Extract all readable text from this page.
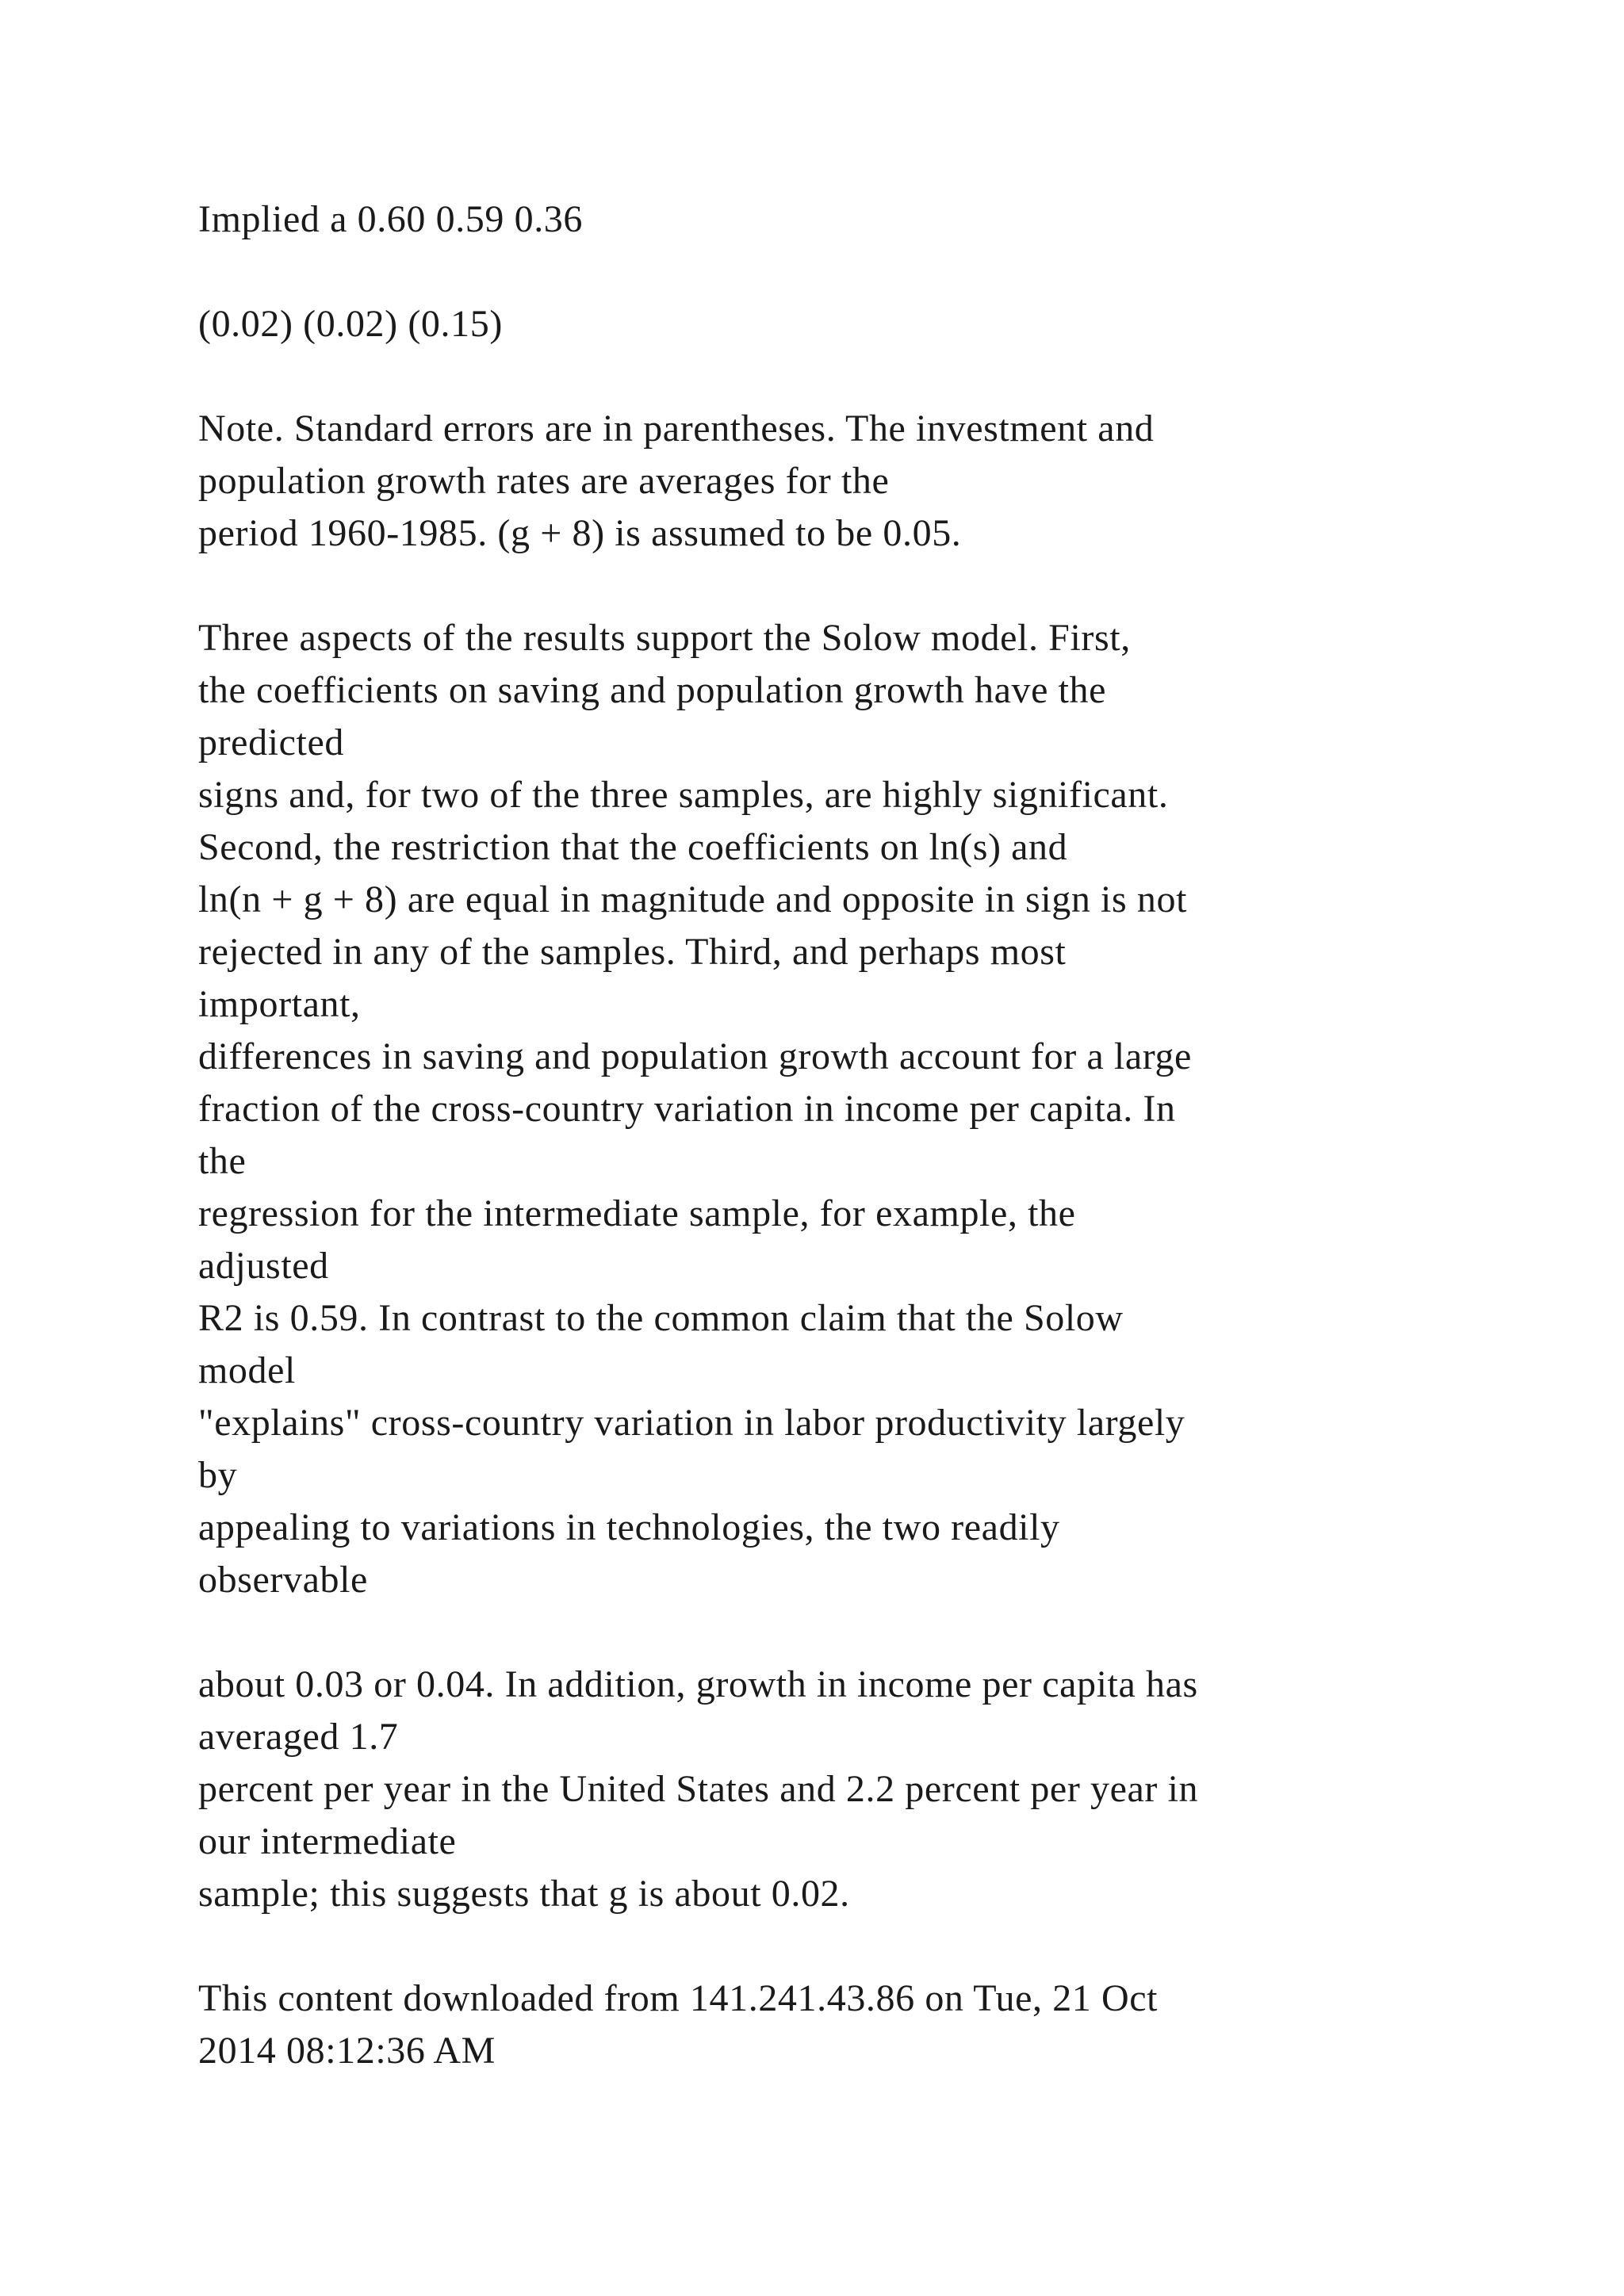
Implied a 0.60 0.59 0.36
(0.02) (0.02) (0.15)
Note. Standard errors are in parentheses. The investment and
population growth rates are averages for the
period 1960-1985. (g + 8) is assumed to be 0.05.
Three aspects of the results support the Solow model. First,
the coefficients on saving and population growth have the
predicted
signs and, for two of the three samples, are highly significant.
Second, the restriction that the coefficients on ln(s) and
ln(n + g + 8) are equal in magnitude and opposite in sign is not
rejected in any of the samples. Third, and perhaps most
important,
differences in saving and population growth account for a large
fraction of the cross-country variation in income per capita. In
the
regression for the intermediate sample, for example, the
adjusted
R2 is 0.59. In contrast to the common claim that the Solow
model
"explains" cross-country variation in labor productivity largely
by
appealing to variations in technologies, the two readily
observable
about 0.03 or 0.04. In addition, growth in income per capita has
averaged 1.7
percent per year in the United States and 2.2 percent per year in
our intermediate
sample; this suggests that g is about 0.02.
This content downloaded from 141.241.43.86 on Tue, 21 Oct
2014 08:12:36 AM
